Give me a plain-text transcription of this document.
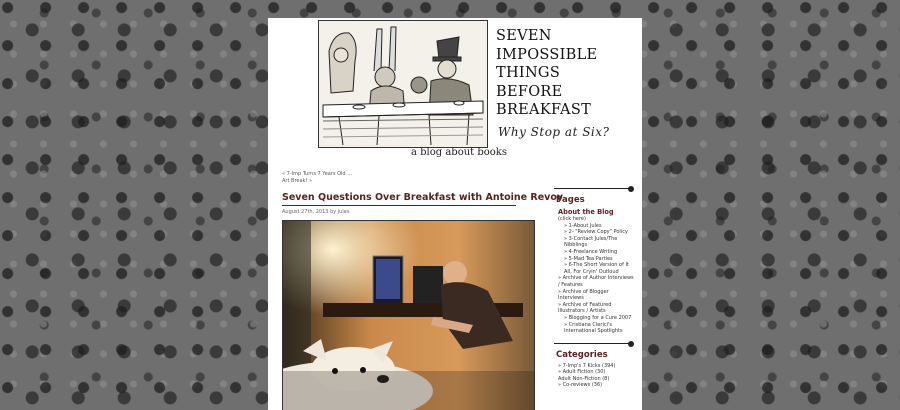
SEVEN
IMPOSSIBLE
THINGS
BEFORE
BREAKFAST
Why Stop at Six?
a blog about books
« 7-Imp Turns 7 Years Old ...
Art Break! »
Seven Questions Over Breakfast with Antoine Revoy
August 27th, 2013 by jules
Pages
About the Blog
(click here)
» 1-About Jules
» 2- "Review Copy" Policy
» 3-Contact Jules/The Nibblings
» 4-Freelance Writing
» 5-Mad Tea Parties
» 6-The Short Version of It All, For Cryin' Outloud
» Archive of Author Interviews / Features
» Archive of Blogger Interviews
» Archive of Featured Illustrators / Artists
» Blogging for a Cure 2007
» Cristiana Clerici's International Spotlights
Categories
» 7-Imp's 7 Kicks (394)
» Adult Fiction (30)
Adult Non-Fiction (8)
» Co-reviews (36)
